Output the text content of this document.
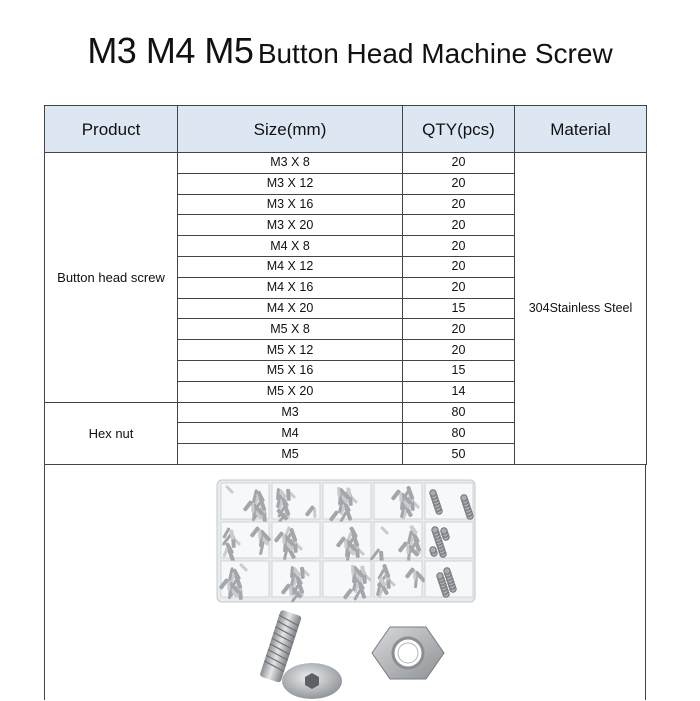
M3 M4 M5 Button Head Machine Screw
Product	Size(mm)	QTY(pcs)	Material
Button head screw	M3 X 8	20	304Stainless Steel
	M3 X 12	20	
	M3 X 16	20	
	M3 X 20	20	
	M4 X 8	20	
	M4 X 12	20	
	M4 X 16	20	
	M4 X 20	15	
	M5 X 8	20	
	M5 X 12	20	
	M5 X 16	15	
	M5 X 20	14	
Hex nut	M3	80	
	M4	80	
	M5	50	
